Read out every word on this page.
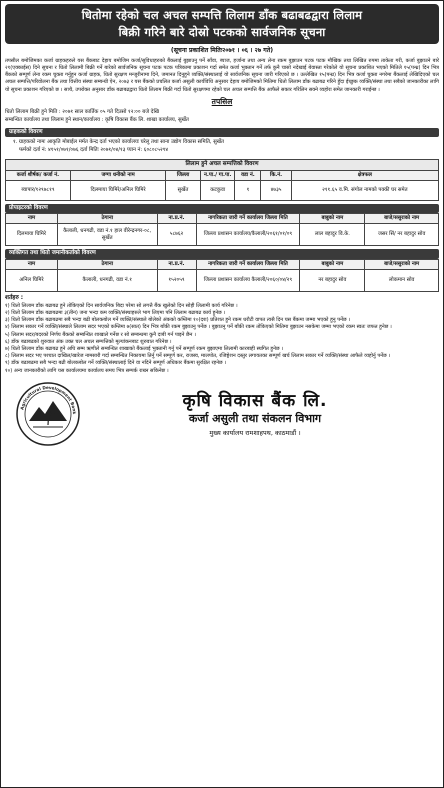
धितोमा रहेको चल अचल सम्पत्ति लिलाम डाँक बढाबढद्वारा लिलाम
बिक्री गरिने बारे दोस्रो पटकको सार्वजनिक सूचना
(सूचना प्रकाशित मितिः२०७१ । ०६ । २७ गते)

तपसील बमोजिमका कर्जा ग्राहकहरुले यस बैंकबाट देहाय बमोजिम कर्जा/सुविधाहरुको बैंकलाई बुझाउनु पर्ने साँवा, ब्याज, हर्जाना तथा अन्य लेना रकम बुझाउन पटक पटक मौखिक तथा लिखित रुपमा ताकेता गरी, कर्जा बुझाउने बारे २१(एक्काईस) दिने सूचना र धितो लिलामी बिक्री गर्ने बारेको सार्वजनिक सूचना पटक पटक पत्रिकामा प्रकाशन गर्दा समेत कर्जा भुक्तान गर्ने तर्फ कुनै चासो नदेखाई बेवास्ता गरेकोले यो सूचना प्रकाशित भएको मितिले १५(पन्ध्र) दिन भित्र बैंकको सम्पूर्ण लेना रकम चुक्ता गर्नुहुन कर्जा ग्राहक, धितो सुरक्षण मन्जुरीनामा दिने, जमानत दिनुहुने व्यक्ति/संस्थालाई यो सार्वजनिक सूचना जारी गरिएको छ । उल्लेखित १५(पन्ध्र) दिन भित्र कर्जा चुक्ता नगरेमा बैंकलाई लेखिदिएको चल अचल सम्पत्ति/परिवोलना बैंक तथा वित्तीय संस्था सम्बन्धी ऐन, २०७३ र यस बैंकको प्रचलित कर्जा असुली कार्यविधि अनुसार देहाय बमोजिमको मितिमा धितो लिलाम डाँक बढाबढ गरिने हुँदा ईच्छुक व्यक्ति/संस्था तथा सबैको जानकारीका लागि यो सूचना प्रकाशन गरिएको छ । साथै, उपरोक्त अनुसार डाँक बढाबढद्वारा धितो लिलाम बिक्री गर्दा धितो सुरक्षणमा रहेको चल अचल सम्पत्ति बैंक आफैले सकार गरिलिन सक्ने व्यहोरा समेत जानकारी गराईन्छ ।

तपसिल
धितो लिलाम बिक्री हुने मिति : २०७१ साल कार्तिक ०५ गते दिउसो १२:०० बजे देखि
सम्बन्धित कार्यालय तथा लिलाम हुने स्थान/कार्यालय : कृषि विकास बैंक लि. शाखा कार्यालय, सुर्खेत
ग्राहकको विवरण
१. ग्राहकको नामः आकृति मोबाईल मर्मत केन्द्र दर्ता भएको कार्यालयः घरेलु तथा साना उद्योग विकास समिति, सुर्खेत
फर्मको दर्ता नं: ४१५१/०७१/०७६ दर्ता मितिः २०७१/०४/१३ प्यान नं: ६०८०८५२९४
लिलाम हुने अचल सम्पत्तिको विवरण
कर्जा शीर्षक/ कर्जा नं.	जग्गा धनीको नाम	जिल्ला	न.पा./ गा.पा.	वडा नं.	कि.नं.	क्षेत्रफल
ब्यापार/१२९७८१९	दिलमाया घिमिरे/अनिल घिमिरे	सुर्खेत	कटकुवा	१	४७३५	२११.६५ व.मि. संगोल नामको पक्की घर समेत
प्रोपाइटरको विवरण
नाम	ठेगाना	ना.प्र.नं.	नागरिकता जारी गर्ने कार्यालय जिल्ला मिति	बाबुको नाम	बाजे/ससुराको नाम
दिलमाया घिमिरे	कैलाली, धनगढी, वडा नं.१ हाल वीरेन्द्रनगर-०८, सुर्खेत	५८७६२	जिल्ला प्रशासन कार्यालय/कैलाली/२०६१/०१/०९	लाल बहादुर वि.के.	जसर सिं/ नर बहादुर सोव
व्यक्तिगत तथा धितो जमानीकर्ताको विवरण
नाम	ठेगाना	ना.प्र.नं.	नागरिकता जारी गर्ने कार्यालय जिल्ला मिति	बाबुको नाम	बाजे/ससुराको नाम
अनिल घिमिरे	कैलाली, धनगढी, वडा नं.१	१५२०५९	जिल्ला प्रशासन कार्यालय कैलाली/२०६०/०४/२९	नर बहादुर सोव	लोकमान सोव
शर्तहरु :
१) धितो लिलाम डाँक बढाबढ हुने तोकिएको दिन सार्वजनिक बिदा परेमा सो लगत्तै बैंक खुलेको दिन सोही लिलामी कार्य गरिनेछ ।
२) धितो लिलाम डाँक बढाबढमा ३(तीन) जना भन्दा कम व्यक्ति/संस्थाहरुले भाग लिएमा पनि लिलाम बढाबढ कार्य हुनेछ ।
३) धितो लिलाम डाँक बढाबढमा सबै भन्दा बढी बोलकबोल गर्ने व्यक्ति/संस्थाले बोलेको अंकको कम्तिमा १०(दश) प्रतिशत हुने रकम धरौटी वापत त्यसै दिन यस बैंकमा जम्मा भएको हुनु पर्नेछ ।
४) लिलाम सकार गर्ने व्यक्ति/संस्थाले लिलाम सदर भएको कम्तिमा ७(सात) दिन भित्र बाँकी रकम बुझाउनु पर्नेछ । बुझाउनु पर्ने बाँकी रकम तोकिएको मितिमा बुझाउन नसकेमा जम्मा भएको रकम स्वतः जफत हुनेछ ।
५) लिलाम सदर/बदरको निर्णय बैंकको सम्बन्धित शाखाले गर्नेछ र सो सम्बन्धमा कुनै दाबी गर्न पाइने छैन ।
६) डाँक बढाबढको शुरुवात अंक उक्त चल अचल सम्पत्तिको मूल्यांकनबाट शुरुवात गरिनेछ ।
७) धितो लिलाम डाँक बढाबढ हुने अघि सम्म ऋणीले सम्बन्धित शाखाको बैंकलाई भुक्तानी गर्नु पर्ने सम्पूर्ण रकम बुझाएमा लिलामी कारबाही स्थगित हुनेछ ।
८) लिलाम सदर भए पश्चात दाखिल/खारेज नामसारी गर्दा सम्बन्धित निकायमा तिर्नु पर्ने सम्पूर्ण कर, राजस्व, मालपोत, रजिष्ट्रेशन दस्तुर लगायतका सम्पूर्ण खर्च लिलाम सकार गर्ने व्यक्ति/संस्था आफैले व्यहोर्नु पर्नेछ ।
९) डाँक बढाबढमा सबै भन्दा बढी बोलकबोल गर्ने व्यक्ति/संस्थालाई दिने वा नदिने सम्पूर्ण अधिकार बैंकमा सुरक्षित रहनेछ ।
१०) अन्य जानकारीको लागि यस कार्यालयमा कार्यालय समय भित्र सम्पर्क राख्न सकिनेछ ।
Agricultural Development Bank
कृषि विकास बैंक लि.
कर्जा असुली तथा संकलन विभाग
मुख्य कार्यालय रामशाहपथ, काठमाडौं ।
